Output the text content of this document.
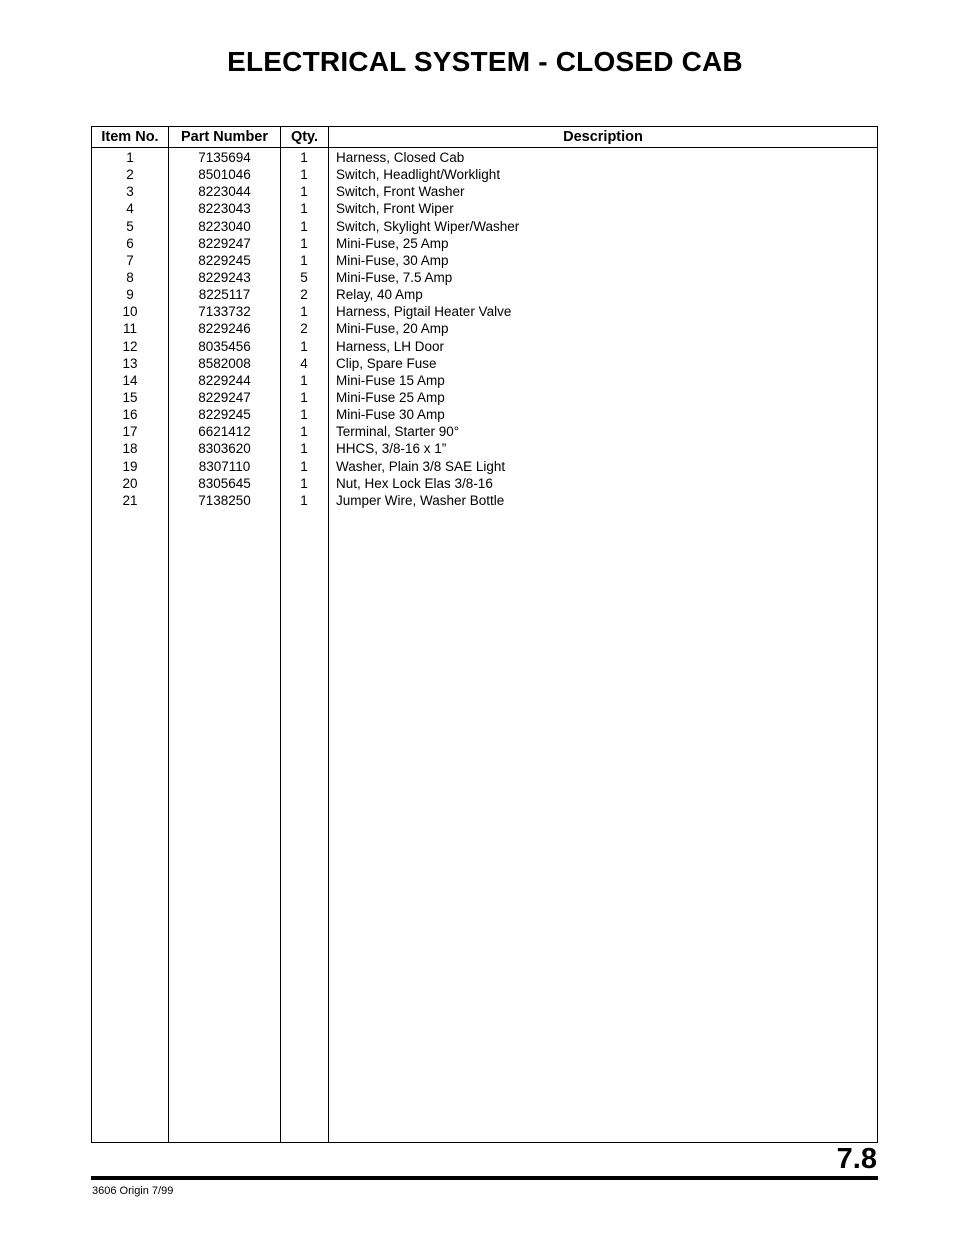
ELECTRICAL SYSTEM - CLOSED CAB
Item No.	Part Number	Qty.	Description
1	7135694	1	Harness, Closed Cab
2	8501046	1	Switch, Headlight/Worklight
3	8223044	1	Switch, Front Washer
4	8223043	1	Switch, Front Wiper
5	8223040	1	Switch, Skylight Wiper/Washer
6	8229247	1	Mini-Fuse, 25 Amp
7	8229245	1	Mini-Fuse, 30 Amp
8	8229243	5	Mini-Fuse, 7.5 Amp
9	8225117	2	Relay, 40 Amp
10	7133732	1	Harness, Pigtail Heater Valve
11	8229246	2	Mini-Fuse, 20 Amp
12	8035456	1	Harness, LH Door
13	8582008	4	Clip, Spare Fuse
14	8229244	1	Mini-Fuse 15 Amp
15	8229247	1	Mini-Fuse 25 Amp
16	8229245	1	Mini-Fuse 30 Amp
17	6621412	1	Terminal, Starter 90°
18	8303620	1	HHCS, 3/8-16 x 1”
19	8307110	1	Washer, Plain 3/8 SAE Light
20	8305645	1	Nut, Hex Lock Elas 3/8-16
21	7138250	1	Jumper Wire, Washer Bottle
7.8
3606 Origin 7/99
